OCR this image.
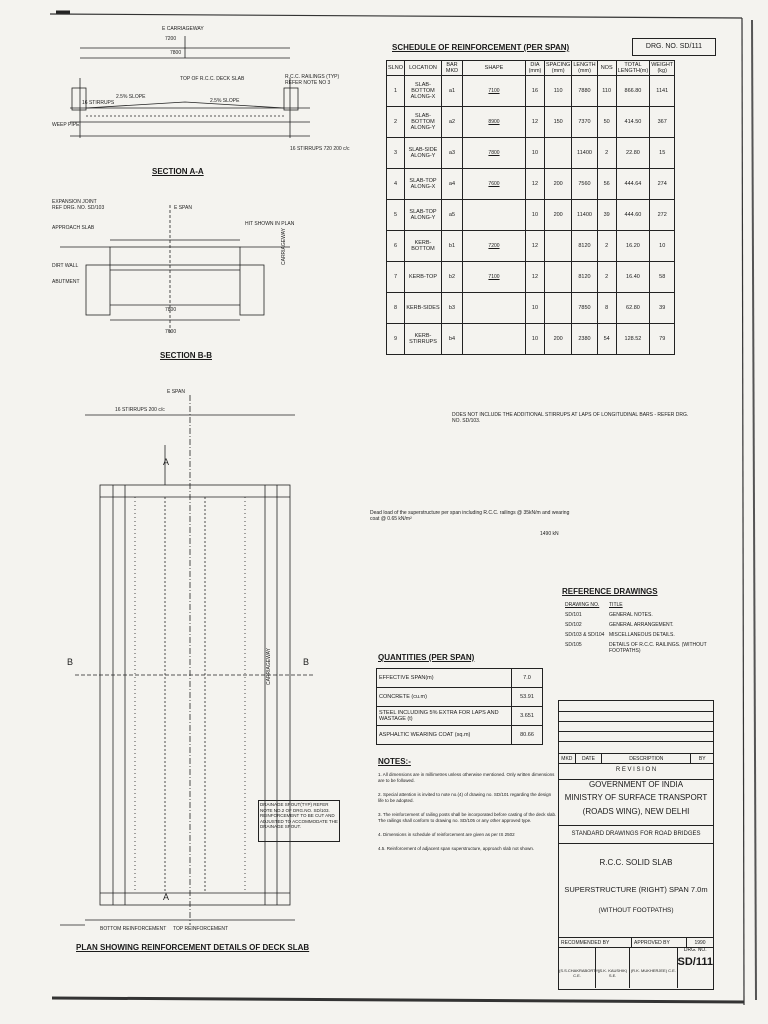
E CARRIAGEWAY
7200
7800
TOP OF R.C.C. DECK SLAB	R.C.C. RAILINGS (TYP)
REFER NOTE NO 3
2.5% SLOPE
2.5% SLOPE
16 STIRRUPS
WEEP PIPE
16 STIRRUPS 720 200 c/c
SECTION A-A
EXPANSION JOINT
REF DRG. NO. SD/103
APPROACH SLAB
E SPAN
DIRT WALL
ABUTMENT
7800
7600
HIT SHOWN IN PLAN
CARRIAGEWAY
SECTION B-B
E SPAN
16 STIRRUPS 200 c/c
CARRIAGEWAY
BOTTOM REINFORCEMENT TOP REINFORCEMENT
B	B
A
A
DRAINAGE SPOUT(TYP) REFER NOTE NO.2 OF DRG.NO. SD/103. REINFORCEMENT TO BE CUT AND ADJUSTED TO ACCOMMODATE THE DRAINAGE SPOUT.
PLAN SHOWING REINFORCEMENT DETAILS OF DECK SLAB
SCHEDULE OF REINFORCEMENT (PER SPAN)	DRG. NO. SD/111
SLNO	LOCATION	BAR MKD	SHAPE	DIA (mm)	SPACING (mm)	LENGTH (mm)	NOS	TOTAL LENGTH(m)	WEIGHT (kg)
1	SLAB-BOTTOM ALONG-X	a1	7100	16	110	7880	110	866.80	1141
2	SLAB-BOTTOM ALONG-Y	a2	8900	12	150	7370	50	414.50	367
3	SLAB-SIDE ALONG-Y	a3	7800	10		11400	2	22.80	15
4	SLAB-TOP ALONG-X	a4	7600	12	200	7560	56	444.64	274
5	SLAB-TOP ALONG-Y	a5		10	200	11400	39	444.60	272
6	KERB-BOTTOM	b1	7200	12		8120	2	16.20	10
7	KERB-TOP	b2	7100	12		8120	2	16.40	58
8	KERB-SIDES	b3		10		7850	8	62.80	39
9	KERB-STIRRUPS	b4		10	200	2380	54	128.52	79
DOES NOT INCLUDE THE ADDITIONAL STIRRUPS AT LAPS OF LONGITUDINAL BARS - REFER DRG. NO. SD/103.
Dead load of the superstructure per span including R.C.C. railings @ 35kN/m and wearing coat @ 0.65 kN/m²
1490 kN
REFERENCE DRAWINGS
DRAWING NO.	TITLE
SD/101	GENERAL NOTES.
SD/102	GENERAL ARRANGEMENT.
SD/103 & SD/104 MISCELLANEOUS DETAILS.
SD/105	DETAILS OF R.C.C. RAILINGS. (WITHOUT FOOTPATHS)
QUANTITIES (PER SPAN)
EFFECTIVE SPAN(m)	7.0
CONCRETE (cu.m)	53.91
STEEL INCLUDING 5% EXTRA FOR LAPS AND WASTAGE (t)	3.651
ASPHALTIC WEARING COAT (sq.m)	80.66
NOTES:-
1. All dimensions are in millimetres unless otherwise mentioned. Only written dimensions are to be followed.
2. Special attention is invited to note no.(4) of drawing no. SD/101 regarding the design life to be adopted.
3. The reinforcement of railing posts shall be incorporated before casting of the deck slab. The railings shall conform to drawing no. SD/105 or any other approved type.
4. Dimensions in schedule of reinforcement are given as per IS 2502
4.5. Reinforcement of adjacent span superstructure, approach slab not shown.
MKD	DATE	DESCRIPTION	BY
R E V I S I O N
GOVERNMENT OF INDIA
MINISTRY OF SURFACE TRANSPORT
(ROADS WING), NEW DELHI
STANDARD DRAWINGS FOR ROAD BRIDGES
R.C.C. SOLID SLAB
SUPERSTRUCTURE (RIGHT) SPAN 7.0m
(WITHOUT FOOTPATHS)
RECOMMENDED BY	APPROVED BY	1990
(S.S.CHAKRABORTY) C.E.
(S.K. KAUSHIK) S.E.
(R.K. MUKHERJEE) C.E.
DRG. NO.
SD/111
